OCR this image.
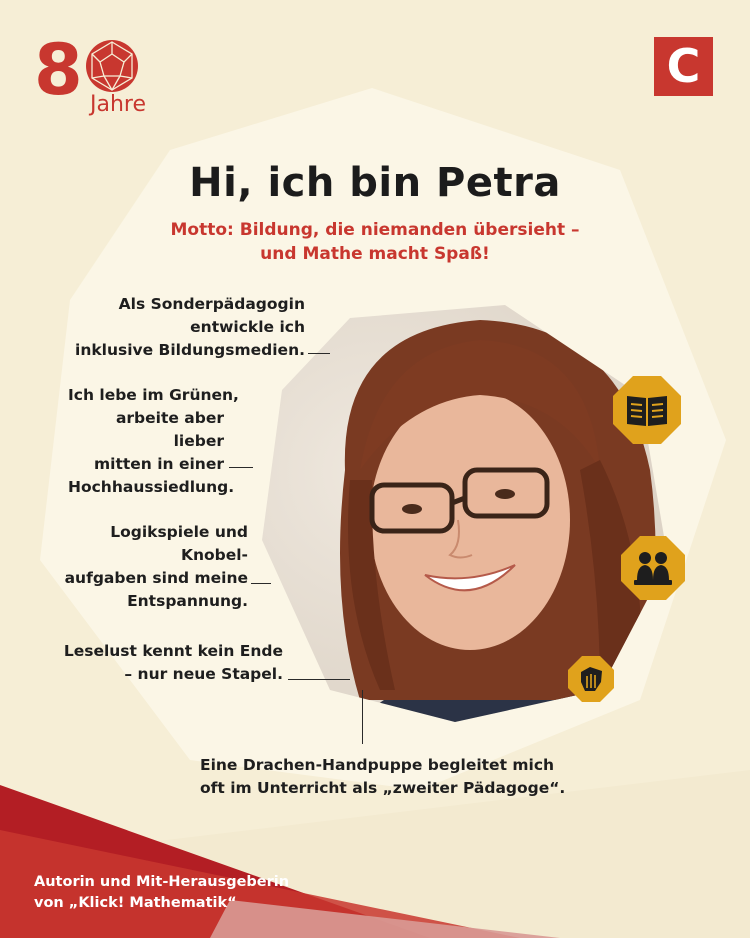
8 Jahre
C
Hi, ich bin Petra
Motto: Bildung, die niemanden übersieht –
und Mathe macht Spaß!
Als Sonderpädagogin
entwickle ich
inklusive Bildungsmedien.
Ich lebe im Grünen,
arbeite aber lieber
mitten in einer
Hochhaussiedlung.
Logikspiele und Knobel-
aufgaben sind meine
Entspannung.
Leselust kennt kein Ende
– nur neue Stapel.
Eine Drachen-Handpuppe begleitet mich
oft im Unterricht als „zweiter Pädagoge“.
Autorin und Mit-Herausgeberin
von „Klick! Mathematik“
